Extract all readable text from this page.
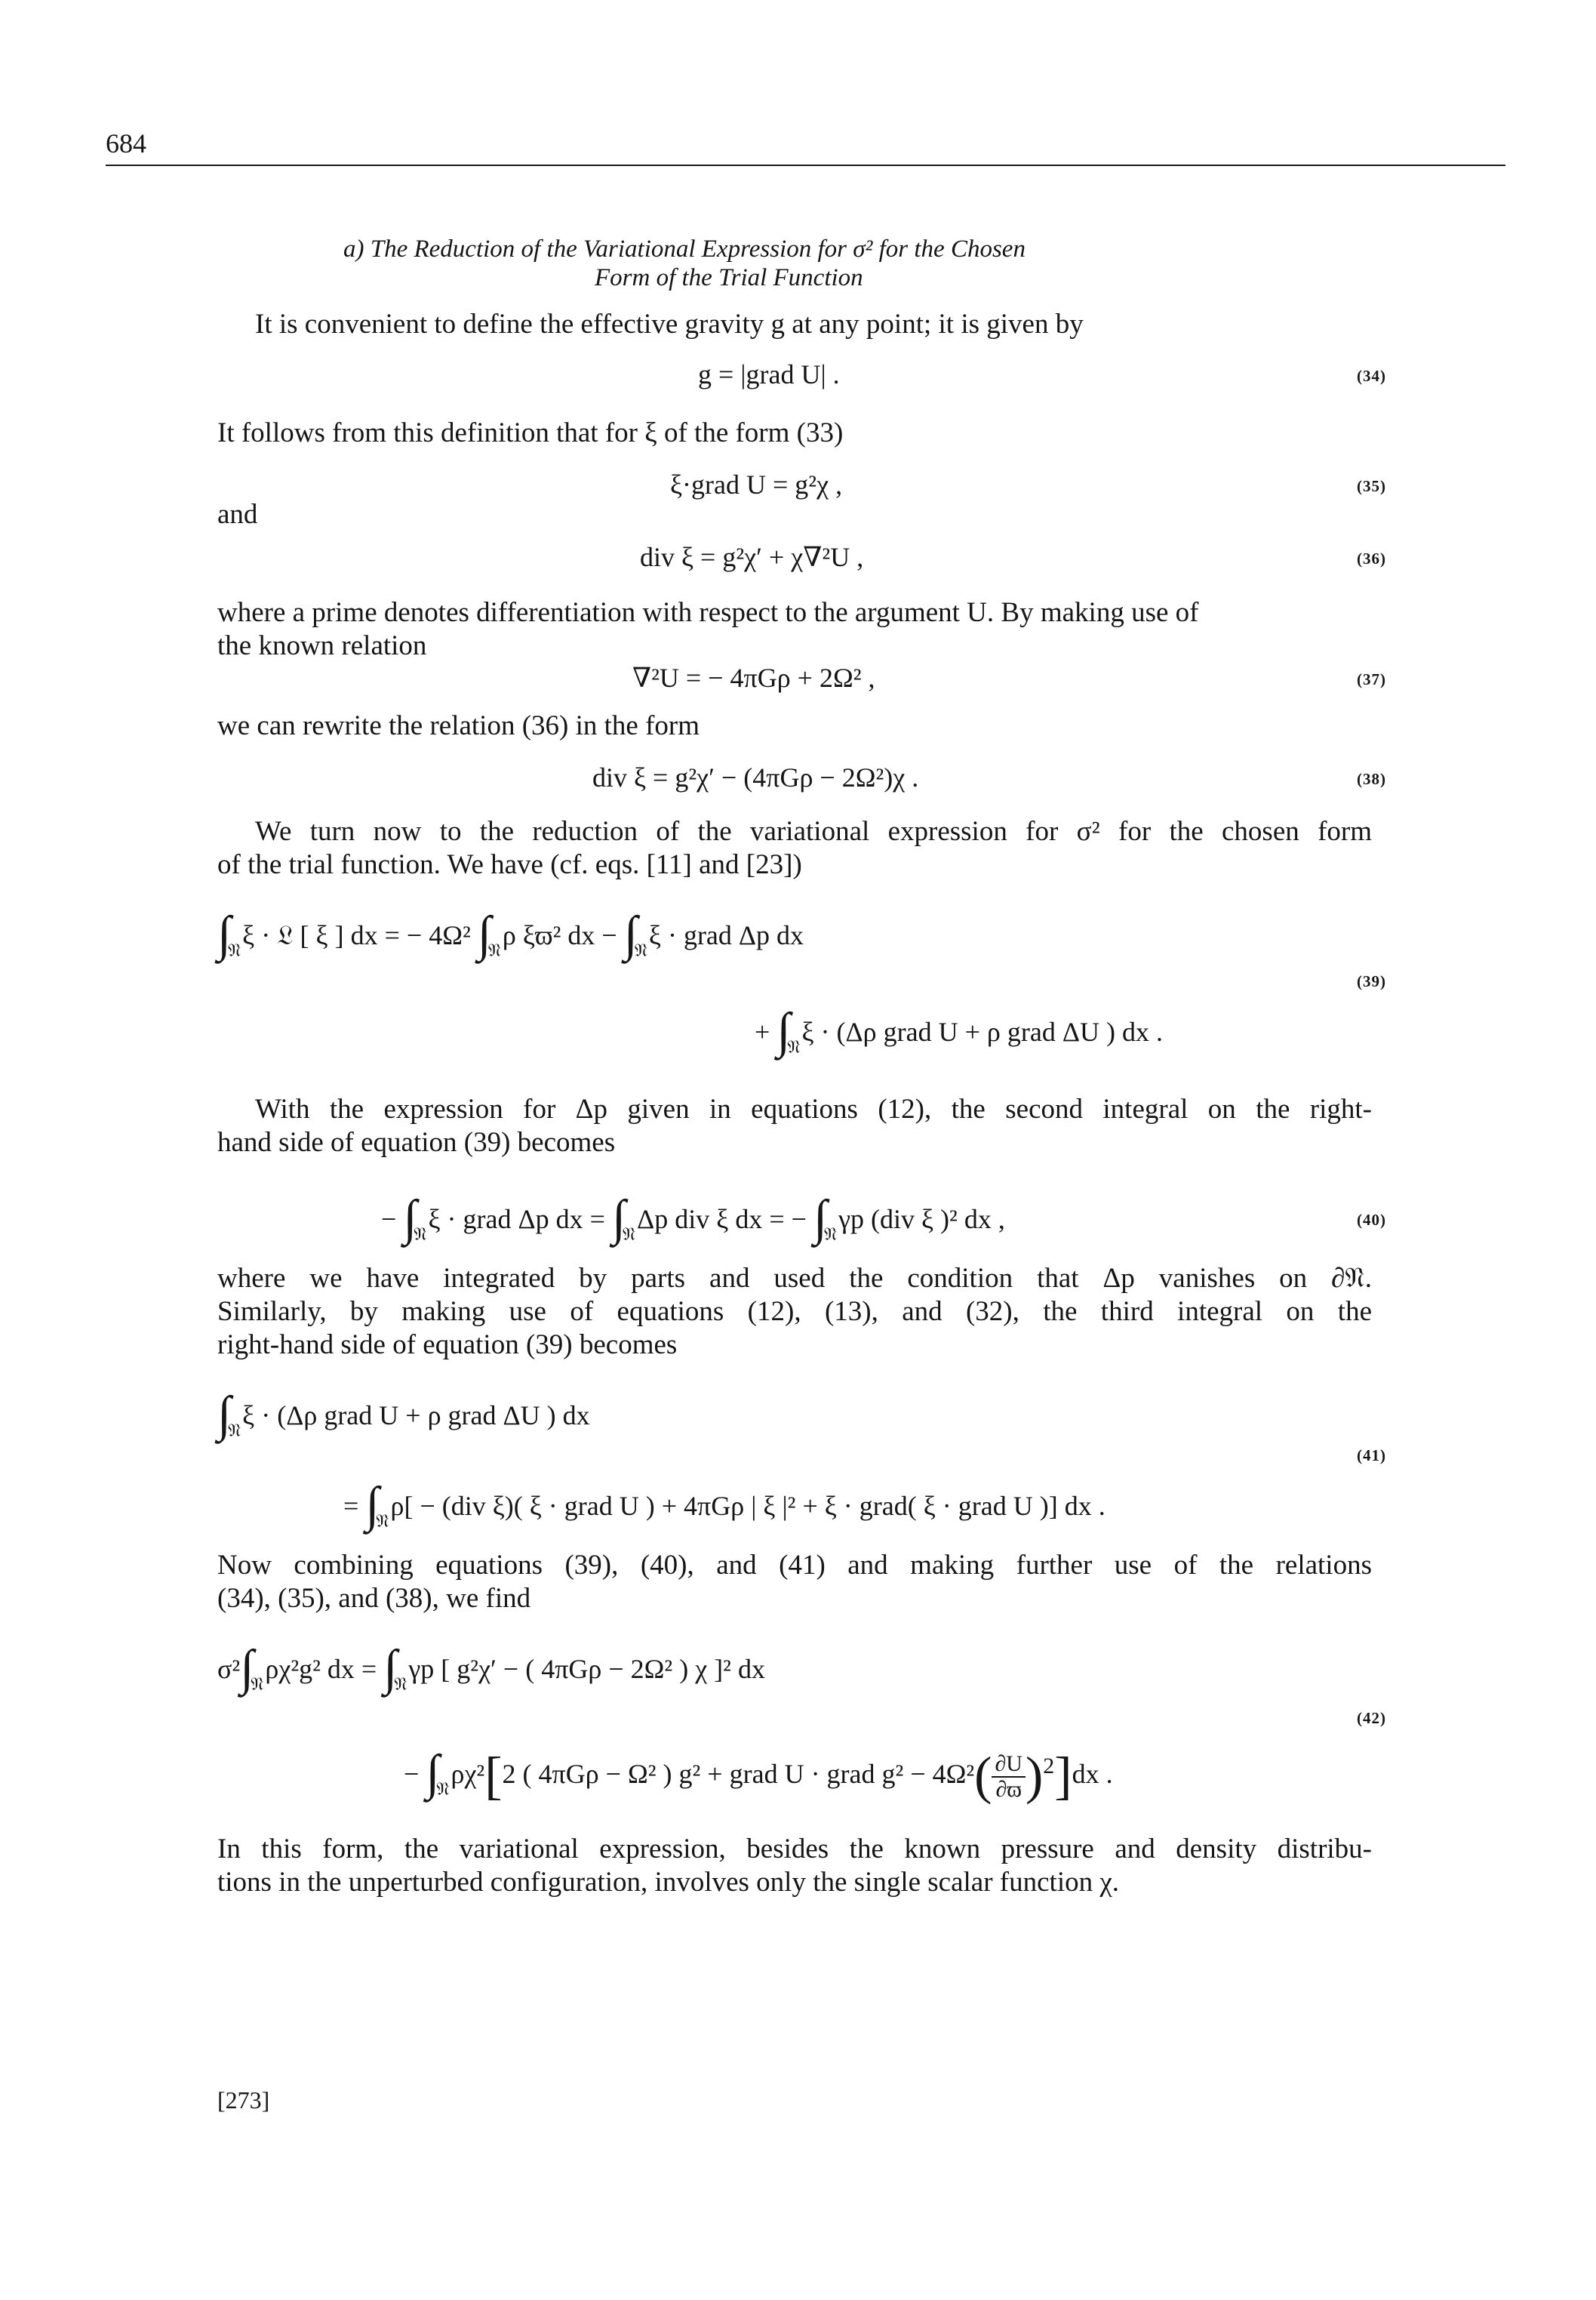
684
a) The Reduction of the Variational Expression for σ² for the Chosen
Form of the Trial Function
It is convenient to define the effective gravity g at any point; it is given by
g = |grad U| .	(34)
It follows from this definition that for ξ of the form (33)
ξ·grad U = g²χ ,	(35)
and
div ξ = g²χ′ + χ∇²U ,	(36)
where a prime denotes differentiation with respect to the argument U. By making use of
the known relation
∇²U = − 4πGρ + 2Ω² ,	(37)
we can rewrite the relation (36) in the form
div ξ = g²χ′ − (4πGρ − 2Ω²)χ .	(38)
We turn now to the reduction of the variational expression for σ² for the chosen form
of the trial function. We have (cf. eqs. [11] and [23])
∫𝔑ξ · 𝔏 [ ξ ] dx = − 4Ω² ∫𝔑ρ ξϖ² dx − ∫𝔑ξ · grad Δp dx
(39)
+ ∫𝔑ξ · (Δρ grad U + ρ grad ΔU ) dx .
With the expression for Δp given in equations (12), the second integral on the right-
hand side of equation (39) becomes
− ∫𝔑ξ · grad Δp dx = ∫𝔑Δp div ξ dx = − ∫𝔑γp (div ξ )² dx ,	(40)
where we have integrated by parts and used the condition that Δp vanishes on ∂𝔑.
Similarly, by making use of equations (12), (13), and (32), the third integral on the
right-hand side of equation (39) becomes
∫𝔑ξ · (Δρ grad U + ρ grad ΔU ) dx
(41)
= ∫𝔑ρ[ − (div ξ)( ξ · grad U ) + 4πGρ | ξ |² + ξ · grad( ξ · grad U )] dx .
Now combining equations (39), (40), and (41) and making further use of the relations
(34), (35), and (38), we find
σ²∫𝔑ρχ²g² dx = ∫𝔑γp [ g²χ′ − ( 4πGρ − 2Ω² ) χ ]² dx
(42)
− ∫𝔑ρχ²[2 ( 4πGρ − Ω² ) g² + grad U · grad $g^2 - 4\Omega^2( \frac{\partial U}{\partial ϖ} )^2]dx$ .
In this form, the variational expression, besides the known pressure and density distribu-
tions in the unperturbed configuration, involves only the single scalar function χ.
[273]
